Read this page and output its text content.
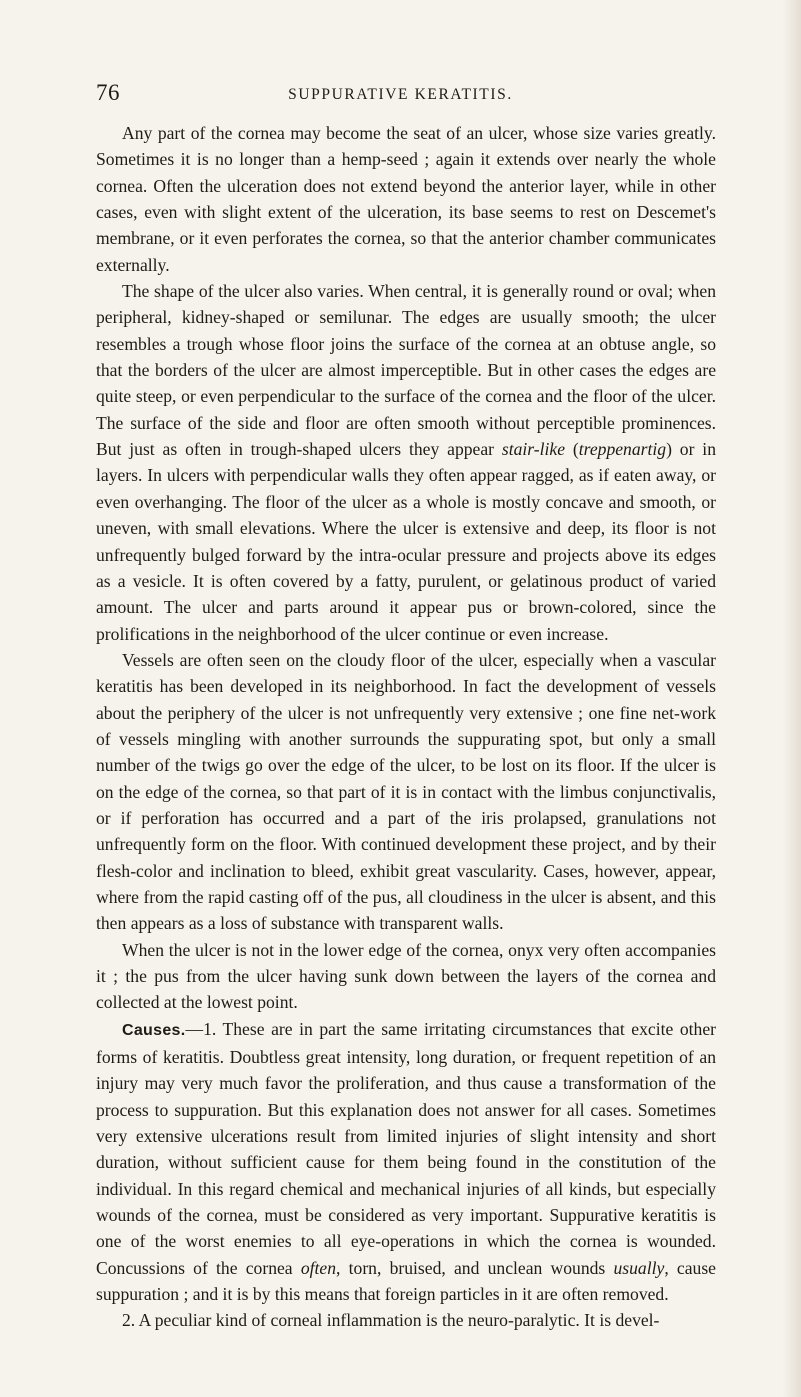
76	SUPPURATIVE KERATITIS.

Any part of the cornea may become the seat of an ulcer, whose size varies greatly. Sometimes it is no longer than a hemp-seed ; again it extends over nearly the whole cornea. Often the ulceration does not extend beyond the anterior layer, while in other cases, even with slight extent of the ulceration, its base seems to rest on Descemet's membrane, or it even perforates the cornea, so that the anterior chamber communicates externally.

The shape of the ulcer also varies. When central, it is generally round or oval; when peripheral, kidney-shaped or semilunar. The edges are usually smooth; the ulcer resembles a trough whose floor joins the surface of the cornea at an obtuse angle, so that the borders of the ulcer are almost imperceptible. But in other cases the edges are quite steep, or even perpendicular to the surface of the cornea and the floor of the ulcer. The surface of the side and floor are often smooth without perceptible prominences. But just as often in trough-shaped ulcers they appear stair-like (treppenartig) or in layers. In ulcers with perpendicular walls they often appear ragged, as if eaten away, or even overhanging. The floor of the ulcer as a whole is mostly concave and smooth, or uneven, with small elevations. Where the ulcer is extensive and deep, its floor is not unfrequently bulged forward by the intra-ocular pressure and projects above its edges as a vesicle. It is often covered by a fatty, purulent, or gelatinous product of varied amount. The ulcer and parts around it appear pus or brown-colored, since the prolifications in the neighborhood of the ulcer continue or even increase.

Vessels are often seen on the cloudy floor of the ulcer, especially when a vascular keratitis has been developed in its neighborhood. In fact the development of vessels about the periphery of the ulcer is not unfrequently very extensive ; one fine net-work of vessels mingling with another surrounds the suppurating spot, but only a small number of the twigs go over the edge of the ulcer, to be lost on its floor. If the ulcer is on the edge of the cornea, so that part of it is in contact with the limbus conjunctivalis, or if perforation has occurred and a part of the iris prolapsed, granulations not unfrequently form on the floor. With continued development these project, and by their flesh-color and inclination to bleed, exhibit great vascularity. Cases, however, appear, where from the rapid casting off of the pus, all cloudiness in the ulcer is absent, and this then appears as a loss of substance with transparent walls.

When the ulcer is not in the lower edge of the cornea, onyx very often accompanies it ; the pus from the ulcer having sunk down between the layers of the cornea and collected at the lowest point.

Causes.—1. These are in part the same irritating circumstances that excite other forms of keratitis. Doubtless great intensity, long duration, or frequent repetition of an injury may very much favor the proliferation, and thus cause a transformation of the process to suppuration. But this explanation does not answer for all cases. Sometimes very extensive ulcerations result from limited injuries of slight intensity and short duration, without sufficient cause for them being found in the constitution of the individual. In this regard chemical and mechanical injuries of all kinds, but especially wounds of the cornea, must be considered as very important. Suppurative keratitis is one of the worst enemies to all eye-operations in which the cornea is wounded. Concussions of the cornea often, torn, bruised, and unclean wounds usually, cause suppuration ; and it is by this means that foreign particles in it are often removed.

2. A peculiar kind of corneal inflammation is the neuro-paralytic. It is devel-
